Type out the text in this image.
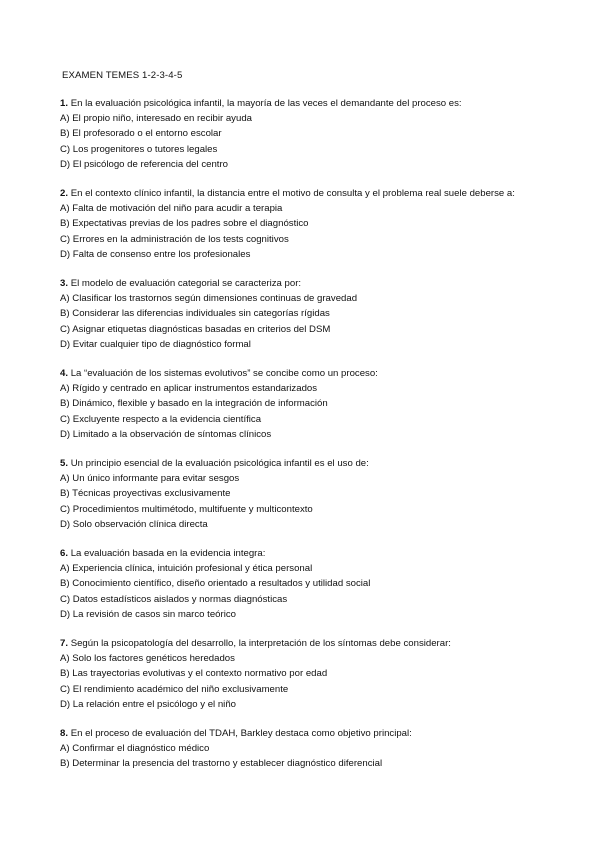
EXAMEN TEMES 1-2-3-4-5
1. En la evaluación psicológica infantil, la mayoría de las veces el demandante del proceso es:
A) El propio niño, interesado en recibir ayuda
B) El profesorado o el entorno escolar
C) Los progenitores o tutores legales
D) El psicólogo de referencia del centro
2. En el contexto clínico infantil, la distancia entre el motivo de consulta y el problema real suele deberse a:
A) Falta de motivación del niño para acudir a terapia
B) Expectativas previas de los padres sobre el diagnóstico
C) Errores en la administración de los tests cognitivos
D) Falta de consenso entre los profesionales
3. El modelo de evaluación categorial se caracteriza por:
A) Clasificar los trastornos según dimensiones continuas de gravedad
B) Considerar las diferencias individuales sin categorías rígidas
C) Asignar etiquetas diagnósticas basadas en criterios del DSM
D) Evitar cualquier tipo de diagnóstico formal
4. La “evaluación de los sistemas evolutivos” se concibe como un proceso:
A) Rígido y centrado en aplicar instrumentos estandarizados
B) Dinámico, flexible y basado en la integración de información
C) Excluyente respecto a la evidencia científica
D) Limitado a la observación de síntomas clínicos
5. Un principio esencial de la evaluación psicológica infantil es el uso de:
A) Un único informante para evitar sesgos
B) Técnicas proyectivas exclusivamente
C) Procedimientos multimétodo, multifuente y multicontexto
D) Solo observación clínica directa
6. La evaluación basada en la evidencia integra:
A) Experiencia clínica, intuición profesional y ética personal
B) Conocimiento científico, diseño orientado a resultados y utilidad social
C) Datos estadísticos aislados y normas diagnósticas
D) La revisión de casos sin marco teórico
7. Según la psicopatología del desarrollo, la interpretación de los síntomas debe considerar:
A) Solo los factores genéticos heredados
B) Las trayectorias evolutivas y el contexto normativo por edad
C) El rendimiento académico del niño exclusivamente
D) La relación entre el psicólogo y el niño
8. En el proceso de evaluación del TDAH, Barkley destaca como objetivo principal:
A) Confirmar el diagnóstico médico
B) Determinar la presencia del trastorno y establecer diagnóstico diferencial
